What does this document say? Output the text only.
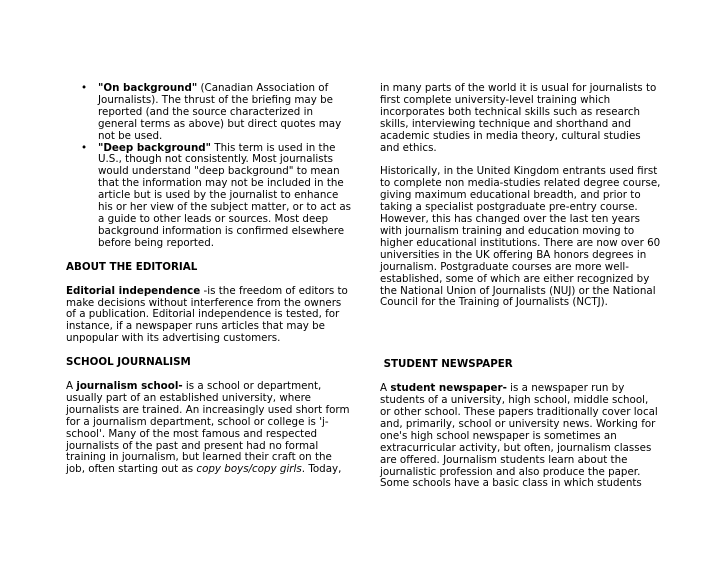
• "On background" (Canadian Association of Journalists). The thrust of the briefing may be reported (and the source characterized in general terms as above) but direct quotes may not be used.
• "Deep background" This term is used in the U.S., though not consistently. Most journalists would understand "deep background" to mean that the information may not be included in the article but is used by the journalist to enhance his or her view of the subject matter, or to act as a guide to other leads or sources. Most deep background information is confirmed elsewhere before being reported.

ABOUT THE EDITORIAL

Editorial independence -is the freedom of editors to make decisions without interference from the owners of a publication. Editorial independence is tested, for instance, if a newspaper runs articles that may be unpopular with its advertising customers.

SCHOOL JOURNALISM

A journalism school- is a school or department, usually part of an established university, where journalists are trained. An increasingly used short form for a journalism department, school or college is 'j-school'. Many of the most famous and respected journalists of the past and present had no formal training in journalism, but learned their craft on the job, often starting out as copy boys/copy girls. Today,

in many parts of the world it is usual for journalists to first complete university-level training which incorporates both technical skills such as research skills, interviewing technique and shorthand and academic studies in media theory, cultural studies and ethics.

Historically, in the United Kingdom entrants used first to complete non media-studies related degree course, giving maximum educational breadth, and prior to taking a specialist postgraduate pre-entry course. However, this has changed over the last ten years with journalism training and education moving to higher educational institutions. There are now over 60 universities in the UK offering BA honors degrees in journalism. Postgraduate courses are more well-established, some of which are either recognized by the National Union of Journalists (NUJ) or the National Council for the Training of Journalists (NCTJ).

STUDENT NEWSPAPER

A student newspaper- is a newspaper run by students of a university, high school, middle school, or other school. These papers traditionally cover local and, primarily, school or university news. Working for one's high school newspaper is sometimes an extracurricular activity, but often, journalism classes are offered. Journalism students learn about the journalistic profession and also produce the paper. Some schools have a basic class in which students
